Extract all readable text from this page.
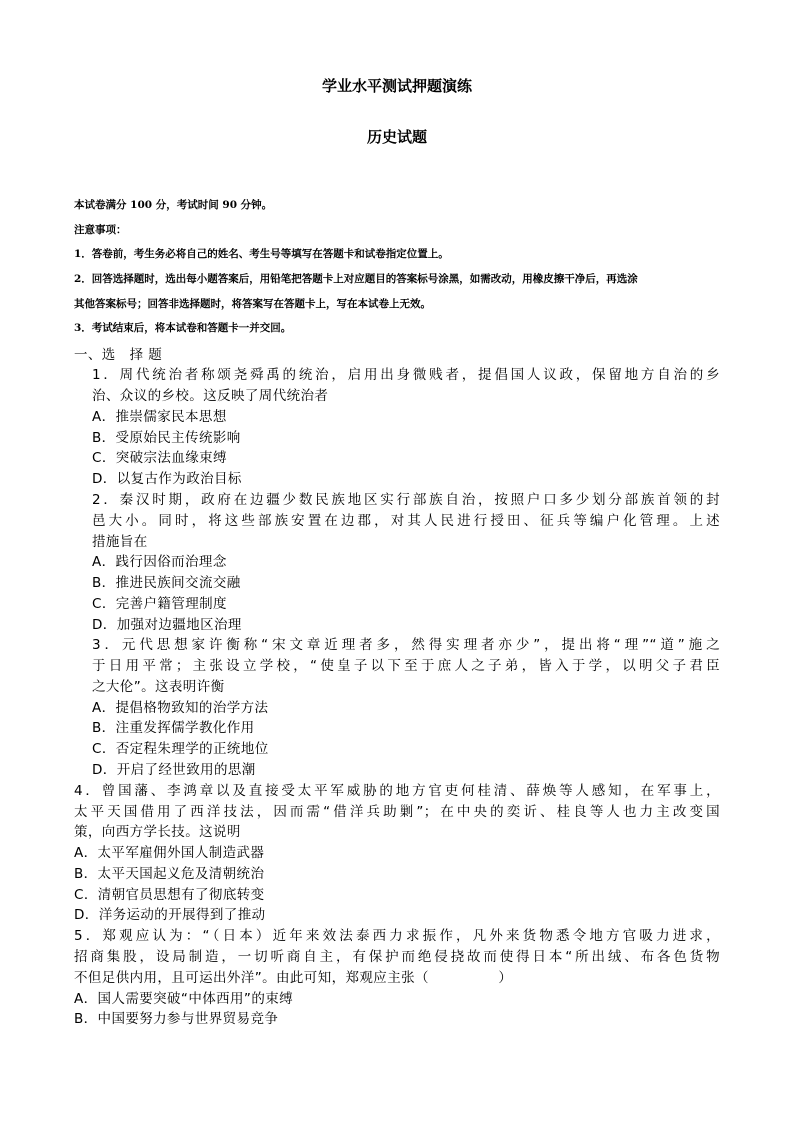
学业水平测试押题演练
历史试题
本试卷满分 100 分，考试时间 90 分钟。
注意事项：
1．答卷前，考生务必将自己的姓名、考生号等填写在答题卡和试卷指定位置上。
2．回答选择题时，选出每小题答案后，用铅笔把答题卡上对应题目的答案标号涂黑，如需改动，用橡皮擦干净后，再选涂
其他答案标号；回答非选择题时，将答案写在答题卡上，写在本试卷上无效。
3．考试结束后，将本试卷和答题卡一并交回。
一、选　择 题
1．周代统治者称颂尧舜禹的统治，启用出身微贱者，提倡国人议政，保留地方自治的乡
治、众议的乡校。这反映了周代统治者
A．推崇儒家民本思想
B．受原始民主传统影响
C．突破宗法血缘束缚
D．以复古作为政治目标
2．秦汉时期，政府在边疆少数民族地区实行部族自治，按照户口多少划分部族首领的封
邑大小。同时，将这些部族安置在边郡，对其人民进行授田、征兵等编户化管理。上述
措施旨在
A．践行因俗而治理念
B．推进民族间交流交融
C．完善户籍管理制度
D．加强对边疆地区治理
3．元代思想家许衡称“宋文章近理者多，然得实理者亦少”，提出将“理”“道”施之
于日用平常；主张设立学校，“使皇子以下至于庶人之子弟，皆入于学，以明父子君臣
之大伦”。这表明许衡
A．提倡格物致知的治学方法
B．注重发挥儒学教化作用
C．否定程朱理学的正统地位
D．开启了经世致用的思潮
4．曾国藩、李鸿章以及直接受太平军威胁的地方官吏何桂清、薛焕等人感知，在军事上，
太平天国借用了西洋技法，因而需“借洋兵助剿”；在中央的奕䜣、桂良等人也力主改变国
策，向西方学长技。这说明
A．太平军雇佣外国人制造武器
B．太平天国起义危及清朝统治
C．清朝官员思想有了彻底转变
D．洋务运动的开展得到了推动
5．郑观应认为：“（日本）近年来效法泰西力求振作，凡外来货物悉令地方官吸力进求，
招商集股，设局制造，一切听商自主，有保护而绝侵挠故而使得日本“所出绒、布各色货物
不但足供内用，且可运出外洋”。由此可知，郑观应主张（　　　　　）
A．国人需要突破“中体西用”的束缚
B．中国要努力参与世界贸易竞争
